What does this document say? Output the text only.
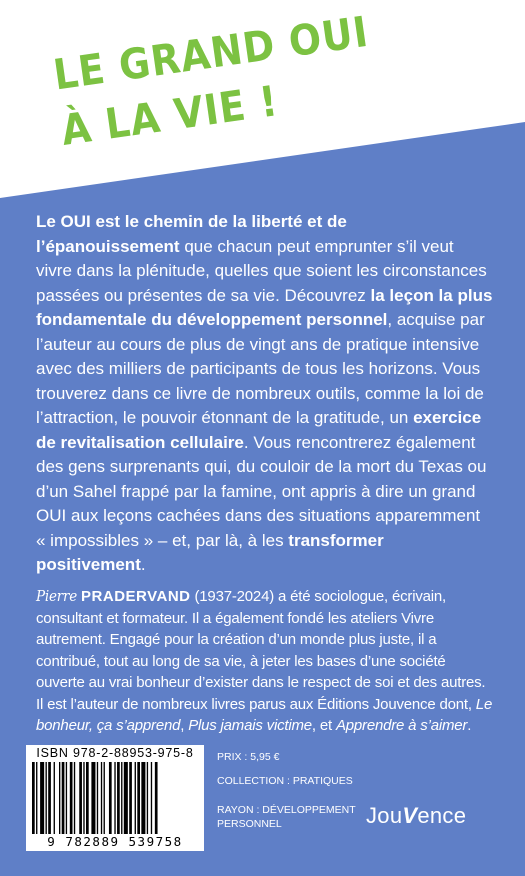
LE GRAND OUI
À LA VIE !

Le OUI est le chemin de la liberté et de l’épanouissement que chacun peut emprunter s’il veut vivre dans la plénitude, quelles que soient les circonstances passées ou présentes de sa vie. Découvrez la leçon la plus fondamentale du développement personnel, acquise par l’auteur au cours de plus de vingt ans de pratique intensive avec des milliers de participants de tous les horizons. Vous trouverez dans ce livre de nombreux outils, comme la loi de l’attraction, le pouvoir étonnant de la gratitude, un exercice de revitalisation cellulaire. Vous rencontrerez également des gens surprenants qui, du couloir de la mort du Texas ou d’un Sahel frappé par la famine, ont appris à dire un grand OUI aux leçons cachées dans des situations apparemment « impossibles » – et, par là, à les transformer positivement.

Pierre PRADERVAND (1937-2024) a été sociologue, écrivain, consultant et formateur. Il a également fondé les ateliers Vivre autrement. Engagé pour la création d’un monde plus juste, il a contribué, tout au long de sa vie, à jeter les bases d’une société ouverte au vrai bonheur d’exister dans le respect de soi et des autres. Il est l’auteur de nombreux livres parus aux Éditions Jouvence dont, Le bonheur, ça s’apprend, Plus jamais victime, et Apprendre à s’aimer.

ISBN 978-2-88953-975-8
9 782889 539758
PRIX : 5,95 €
COLLECTION : PRATIQUES
RAYON : DÉVELOPPEMENT PERSONNEL	JouVence
